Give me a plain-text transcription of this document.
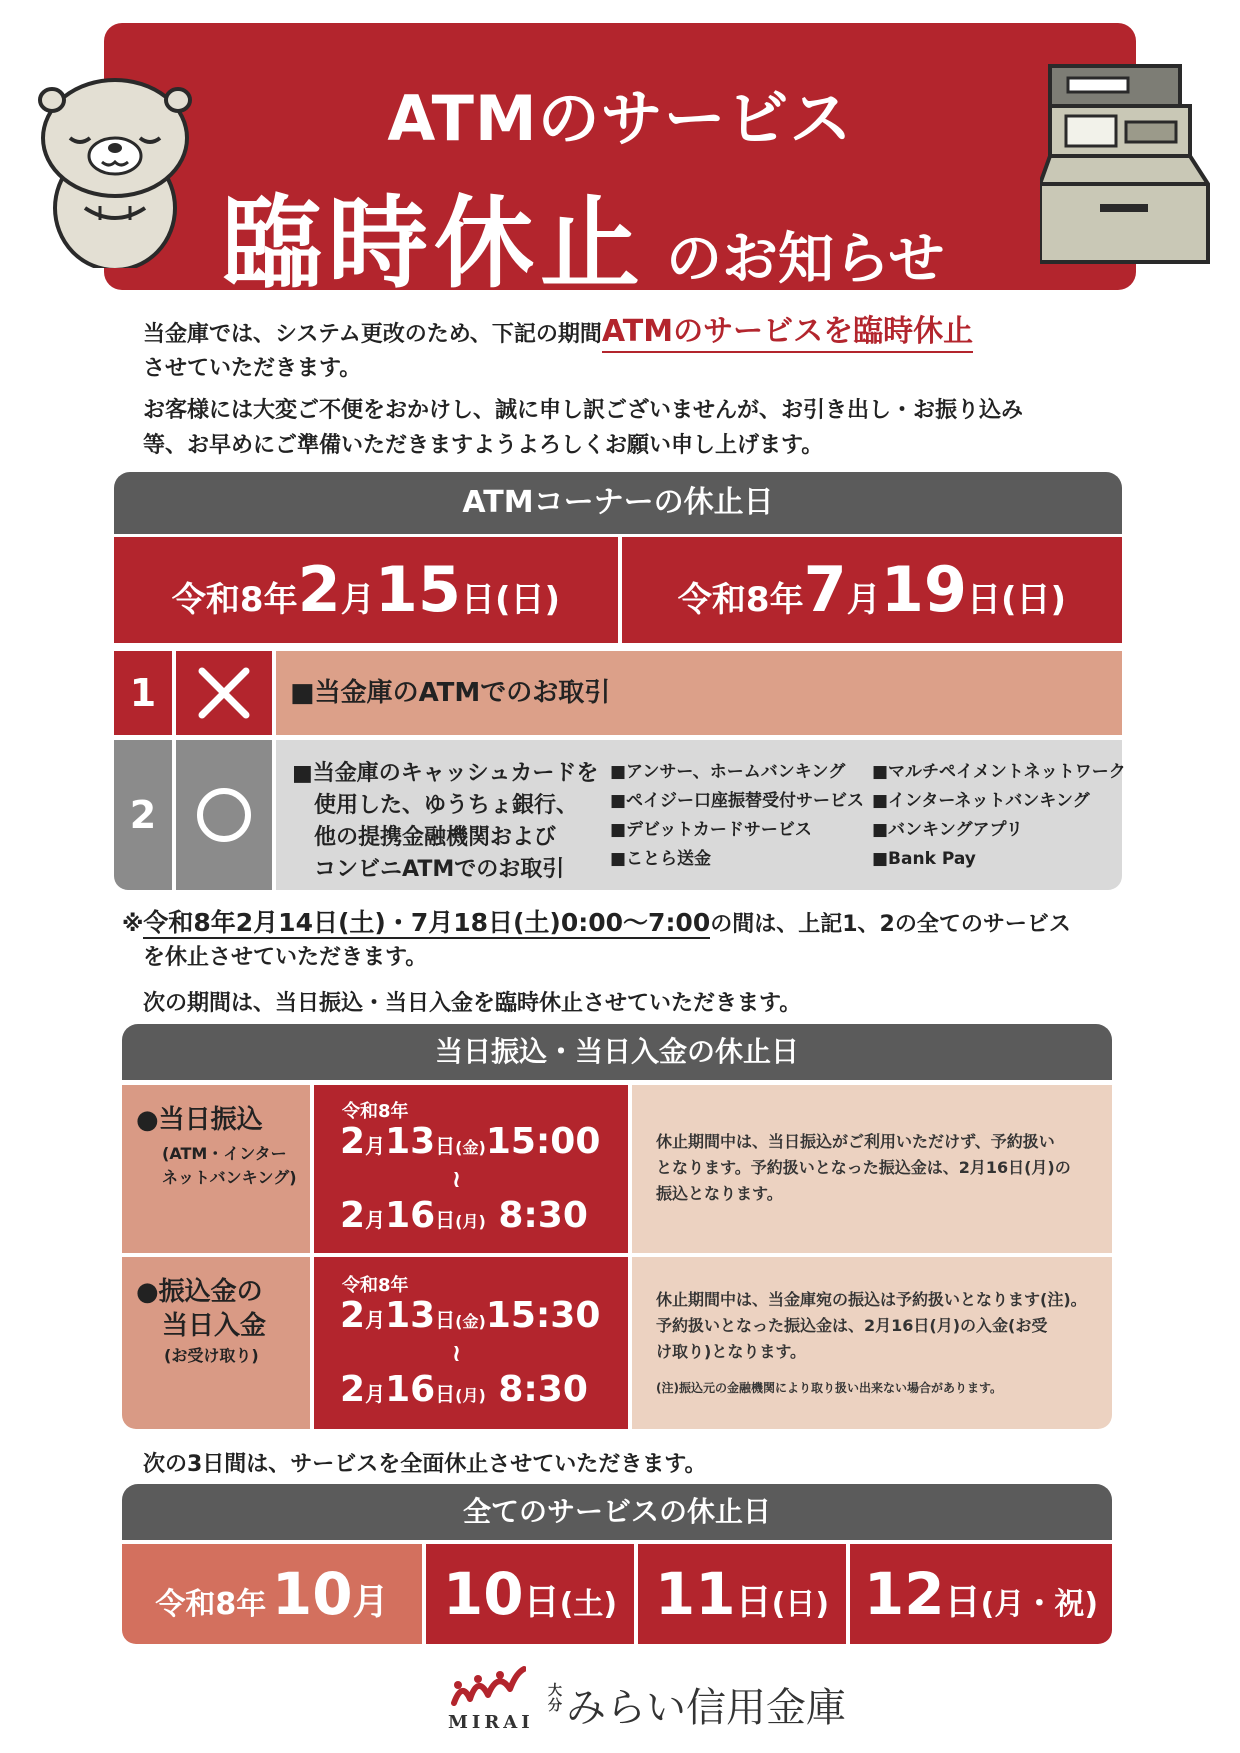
ATMのサービス
臨時休止 のお知らせ
当金庫では、システム更改のため、下記の期間ATMのサービスを臨時休止
させていただきます。
お客様には大変ご不便をおかけし、誠に申し訳ございませんが、お引き出し・お振り込み
等、お早めにご準備いただきますようよろしくお願い申し上げます。
ATMコーナーの休止日
令和8年2月15日(日)	令和8年7月19日(日)
1	■当金庫のATMでのお取引
2
■当金庫のキャッシュカードを
　使用した、ゆうちょ銀行、
　他の提携金融機関および
　コンビニATMでのお取引
■アンサー、ホームバンキング
■ペイジー口座振替受付サービス
■デビットカードサービス
■ことら送金
■マルチペイメントネットワーク
■インターネットバンキング
■バンキングアプリ
■Bank Pay
※令和8年2月14日(土)・7月18日(土)0:00〜7:00の間は、上記1、2の全てのサービス
を休止させていただきます。
次の期間は、当日振込・当日入金を臨時休止させていただきます。
当日振込・当日入金の休止日
●当日振込
(ATM・インター
ネットバンキング)
令和8年
2月13日(金)15:00
≀
2月16日(月) 8:30
休止期間中は、当日振込がご利用いただけず、予約扱い
となります。予約扱いとなった振込金は、2月16日(月)の
振込となります。
●振込金の
当日入金
(お受け取り)
令和8年
2月13日(金)15:30
≀
2月16日(月) 8:30
休止期間中は、当金庫宛の振込は予約扱いとなります(注)。
予約扱いとなった振込金は、2月16日(月)の入金(お受
け取り)となります。
(注)振込元の金融機関により取り扱い出来ない場合があります。
次の3日間は、サービスを全面休止させていただきます。
全てのサービスの休止日
令和8年 10月 10日(土) 11日(日) 12日(月・祝)
MIRAI
大分 みらい信用金庫
